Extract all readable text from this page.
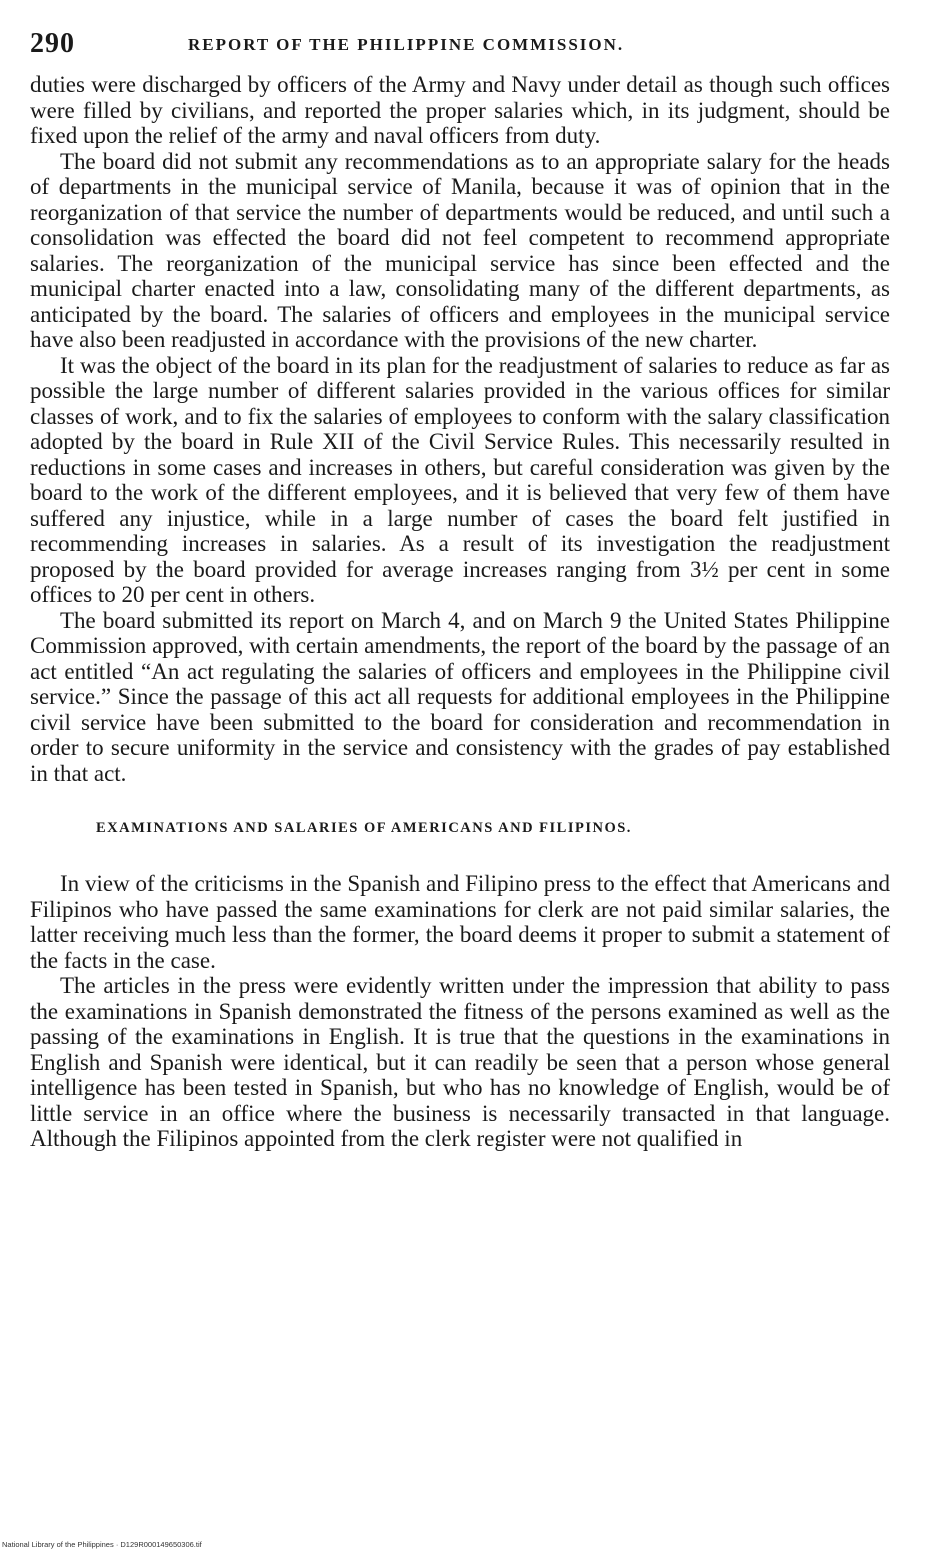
290	REPORT OF THE PHILIPPINE COMMISSION.

duties were discharged by officers of the Army and Navy under detail as though such offices were filled by civilians, and reported the proper salaries which, in its judgment, should be fixed upon the relief of the army and naval officers from duty.

The board did not submit any recommendations as to an appropriate salary for the heads of departments in the municipal service of Manila, because it was of opinion that in the reorganization of that service the number of departments would be reduced, and until such a consolidation was effected the board did not feel competent to recommend appropriate salaries. The reorganization of the municipal service has since been effected and the municipal charter enacted into a law, consolidating many of the different departments, as anticipated by the board. The salaries of officers and employees in the municipal service have also been readjusted in accordance with the provisions of the new charter.

It was the object of the board in its plan for the readjustment of salaries to reduce as far as possible the large number of different salaries provided in the various offices for similar classes of work, and to fix the salaries of employees to conform with the salary classification adopted by the board in Rule XII of the Civil Service Rules. This necessarily resulted in reductions in some cases and increases in others, but careful consideration was given by the board to the work of the different employees, and it is believed that very few of them have suffered any injustice, while in a large number of cases the board felt justified in recommending increases in salaries. As a result of its investigation the readjustment proposed by the board provided for average increases ranging from 3½ per cent in some offices to 20 per cent in others.

The board submitted its report on March 4, and on March 9 the United States Philippine Commission approved, with certain amendments, the report of the board by the passage of an act entitled “An act regulating the salaries of officers and employees in the Philippine civil service.” Since the passage of this act all requests for additional employees in the Philippine civil service have been submitted to the board for consideration and recommendation in order to secure uniformity in the service and consistency with the grades of pay established in that act.

EXAMINATIONS AND SALARIES OF AMERICANS AND FILIPINOS.

In view of the criticisms in the Spanish and Filipino press to the effect that Americans and Filipinos who have passed the same examinations for clerk are not paid similar salaries, the latter receiving much less than the former, the board deems it proper to submit a statement of the facts in the case.

The articles in the press were evidently written under the impression that ability to pass the examinations in Spanish demonstrated the fitness of the persons examined as well as the passing of the examinations in English. It is true that the questions in the examinations in English and Spanish were identical, but it can readily be seen that a person whose general intelligence has been tested in Spanish, but who has no knowledge of English, would be of little service in an office where the business is necessarily transacted in that language. Although the Filipinos appointed from the clerk register were not qualified in

National Library of the Philippines · D129R000149650306.tif
